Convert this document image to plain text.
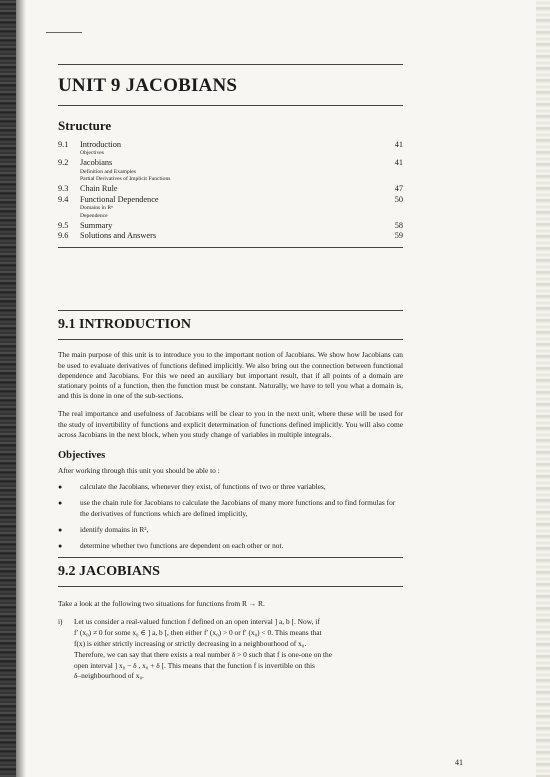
UNIT 9 JACOBIANS
Structure
9.1	Introduction	41
Objectives
9.2	Jacobians	41
Definition and Examples
Partial Derivatives of Implicit Functions
9.3	Chain Rule	47
9.4	Functional Dependence	50
Domains in Rⁿ
Dependence
9.5	Summary	58
9.6	Solutions and Answers	59
9.1 INTRODUCTION

The main purpose of this unit is to introduce you to the important notion of Jacobians. We show how Jacobians can be used to evaluate derivatives of functions defined implicitly. We also bring out the connection between functional dependence and Jacobians. For this we need an auxiliary but important result, that if all points of a domain are stationary points of a function, then the function must be constant. Naturally, we have to tell you what a domain is, and this is done in one of the sub-sections.

The real importance and usefulness of Jacobians will be clear to you in the next unit, where these will be used for the study of invertibility of functions and explicit determination of functions defined implicitly. You will also come across Jacobians in the next block, when you study change of variables in multiple integrals.

Objectives

After working through this unit you should be able to :

●	calculate the Jacobians, whenever they exist, of functions of two or three variables,
●	use the chain rule for Jacobians to calculate the Jacobians of many more functions and to find formulas for the derivatives of functions which are defined implicitly,
●	identify domains in R²,
●	determine whether two functions are dependent on each other or not.
9.2 JACOBIANS

Take a look at the following two situations for functions from R → R.

i)	Let us consider a real-valued function f defined on an open interval ] a, b [. Now, if
f′ (x₀) ≠ 0 for some x₀ ∈ ] a, b [, then either f′ (x₀) > 0 or f′ (x₀) < 0. This means that
f(x) is either strictly increasing or strictly decreasing in a neighbourhood of x₀.
Therefore, we can say that there exists a real number δ > 0 such that f is one-one on the
open interval ] x₀ − δ , x₀ + δ [. This means that the function f is invertible on this
δ–neighbourhood of x₀.
41
